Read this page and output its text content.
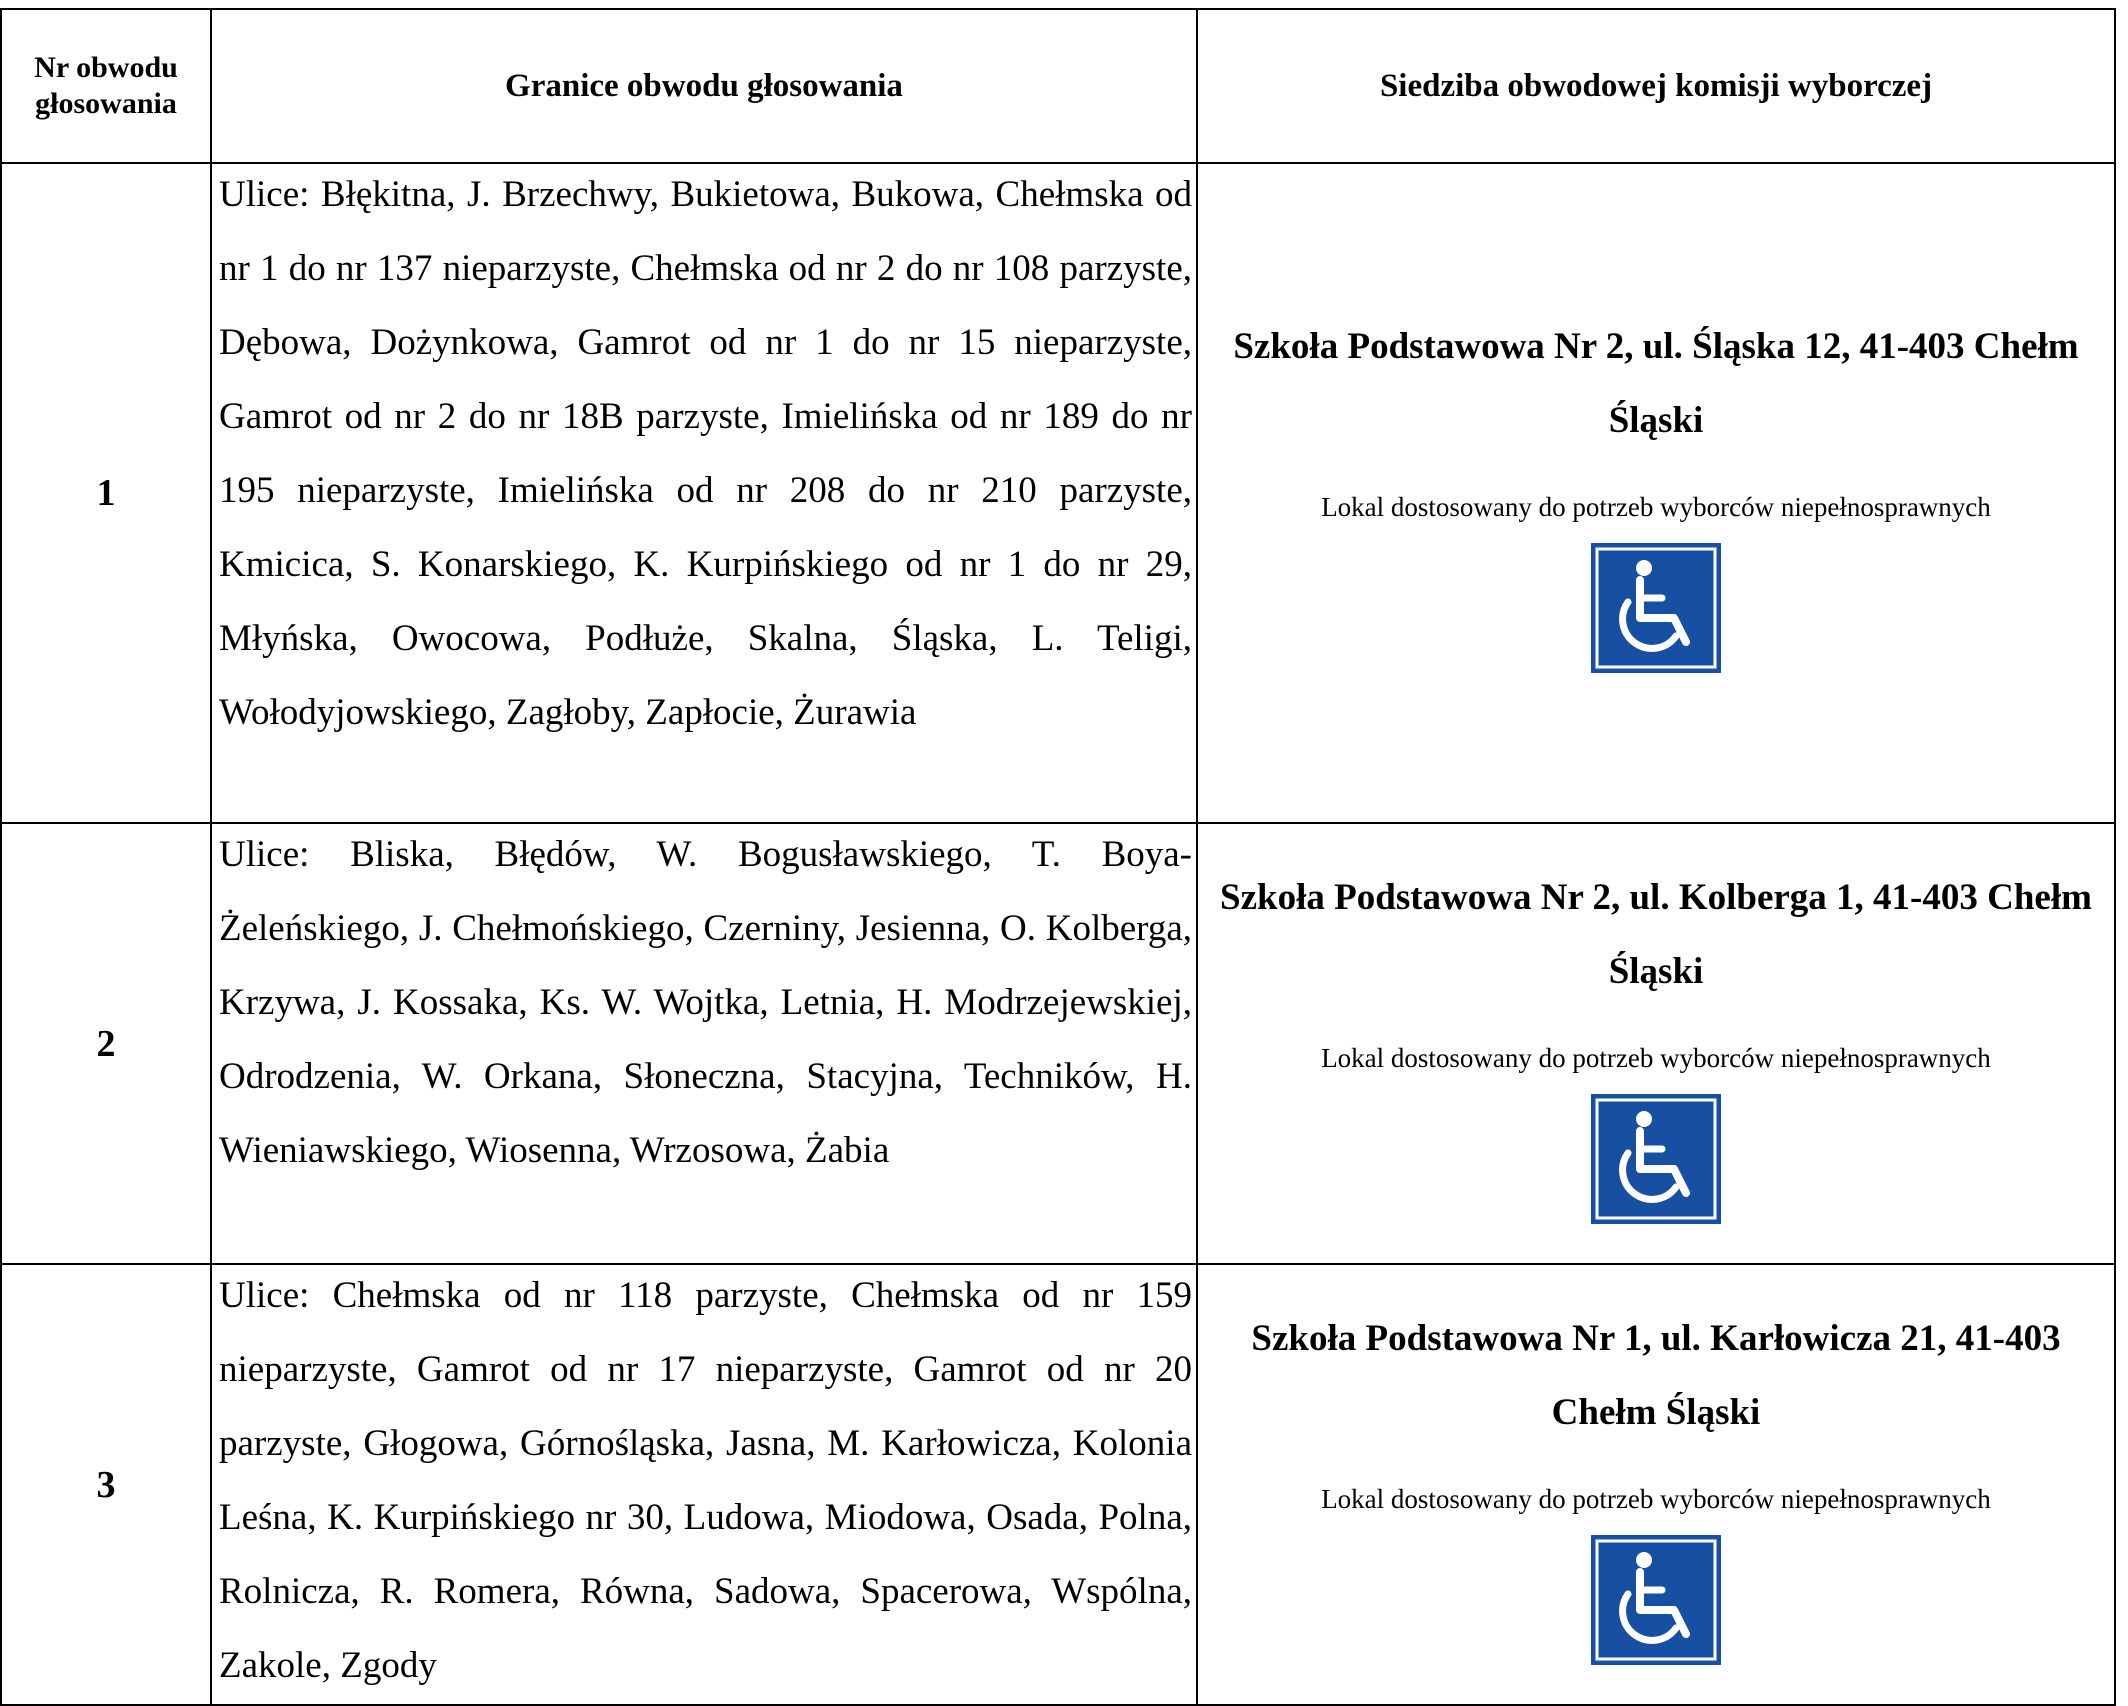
Nr obwodu głosowania	Granice obwodu głosowania	Siedziba obwodowej komisji wyborczej
1	Ulice: Błękitna, J. Brzechwy, Bukietowa, Bukowa, Chełmska od nr 1 do nr 137 nieparzyste, Chełmska od nr 2 do nr 108 parzyste, Dębowa, Dożynkowa, Gamrot od nr 1 do nr 15 nieparzyste, Gamrot od nr 2 do nr 18B parzyste, Imielińska od nr 189 do nr 195 nieparzyste, Imielińska od nr 208 do nr 210 parzyste, Kmicica, S. Konarskiego, K. Kurpińskiego od nr 1 do nr 29, Młyńska, Owocowa, Podłuże, Skalna, Śląska, L. Teligi, Wołodyjowskiego, Zagłoby, Zapłocie, Żurawia	Szkoła Podstawowa Nr 2, ul. Śląska 12, 41-403 Chełm Śląski
Lokal dostosowany do potrzeb wyborców niepełnosprawnych

2	Ulice: Bliska, Błędów, W. Bogusławskiego, T. Boya-Żeleńskiego, J. Chełmońskiego, Czerniny, Jesienna, O. Kolberga, Krzywa, J. Kossaka, Ks. W. Wojtka, Letnia, H. Modrzejewskiej, Odrodzenia, W. Orkana, Słoneczna, Stacyjna, Techników, H. Wieniawskiego, Wiosenna, Wrzosowa, Żabia	Szkoła Podstawowa Nr 2, ul. Kolberga 1, 41-403 Chełm Śląski
Lokal dostosowany do potrzeb wyborców niepełnosprawnych

3	Ulice: Chełmska od nr 118 parzyste, Chełmska od nr 159 nieparzyste, Gamrot od nr 17 nieparzyste, Gamrot od nr 20 parzyste, Głogowa, Górnośląska, Jasna, M. Karłowicza, Kolonia Leśna, K. Kurpińskiego nr 30, Ludowa, Miodowa, Osada, Polna, Rolnicza, R. Romera, Równa, Sadowa, Spacerowa, Wspólna, Zakole, Zgody	Szkoła Podstawowa Nr 1, ul. Karłowicza 21, 41-403 Chełm Śląski
Lokal dostosowany do potrzeb wyborców niepełnosprawnych
